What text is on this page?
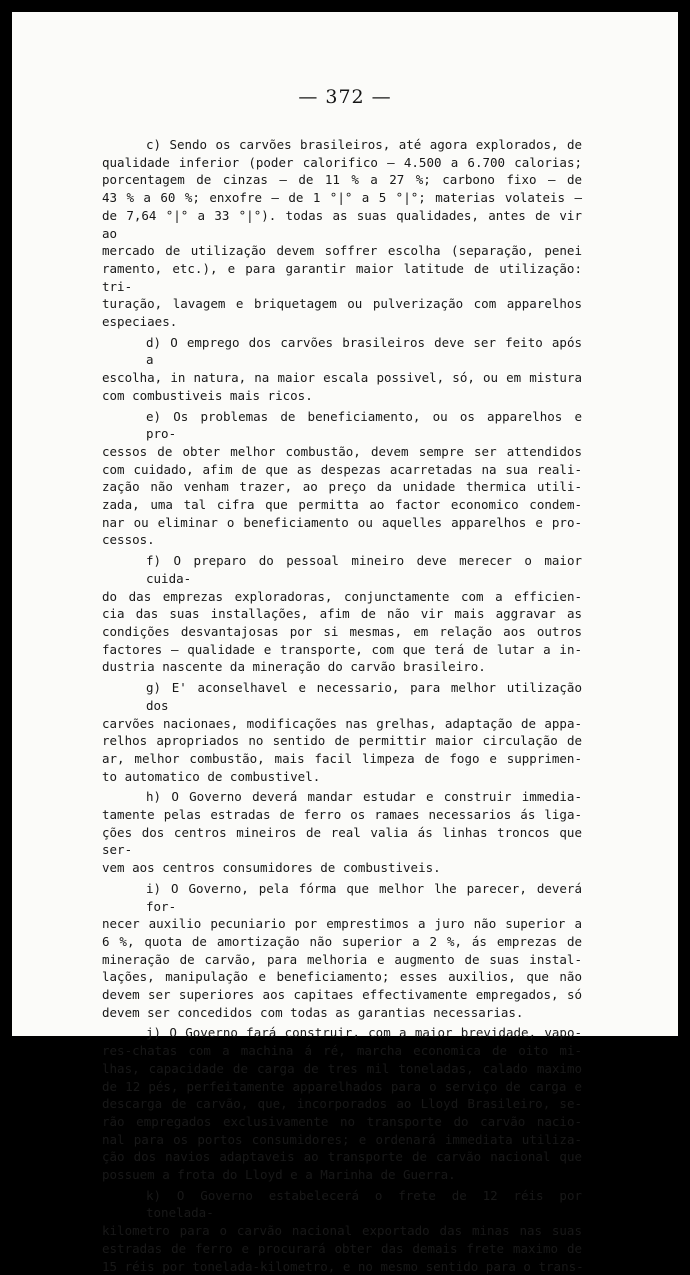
— 372 —
c) Sendo os carvões brasileiros, até agora explorados, de
qualidade inferior (poder calorifico — 4.500 a 6.700 calorias;
porcentagem de cinzas — de 11 % a 27 %; carbono fixo — de
43 % a 60 %; enxofre — de 1 °|° a 5 °|°; materias volateis —
de 7,64 °|° a 33 °|°). todas as suas qualidades, antes de vir ao
mercado de utilização devem soffrer escolha (separação, penei
ramento, etc.), e para garantir maior latitude de utilização: tri-
turação, lavagem e briquetagem ou pulverização com apparelhos
especiaes.
d) O emprego dos carvões brasileiros deve ser feito após a
escolha, in natura, na maior escala possivel, só, ou em mistura
com combustiveis mais ricos.
e) Os problemas de beneficiamento, ou os apparelhos e pro-
cessos de obter melhor combustão, devem sempre ser attendidos
com cuidado, afim de que as despezas acarretadas na sua reali-
zação não venham trazer, ao preço da unidade thermica utili-
zada, uma tal cifra que permitta ao factor economico condem-
nar ou eliminar o beneficiamento ou aquelles apparelhos e pro-
cessos.
f) O preparo do pessoal mineiro deve merecer o maior cuida-
do das emprezas exploradoras, conjunctamente com a efficien-
cia das suas installações, afim de não vir mais aggravar as
condições desvantajosas por si mesmas, em relação aos outros
factores — qualidade e transporte, com que terá de lutar a in-
dustria nascente da mineração do carvão brasileiro.
g) E' aconselhavel e necessario, para melhor utilização dos
carvões nacionaes, modificações nas grelhas, adaptação de appa-
relhos apropriados no sentido de permittir maior circulação de
ar, melhor combustão, mais facil limpeza de fogo e supprimen-
to automatico de combustivel.
h) O Governo deverá mandar estudar e construir immedia-
tamente pelas estradas de ferro os ramaes necessarios ás liga-
ções dos centros mineiros de real valia ás linhas troncos que ser-
vem aos centros consumidores de combustiveis.
i) O Governo, pela fórma que melhor lhe parecer, deverá for-
necer auxilio pecuniario por emprestimos a juro não superior a
6 %, quota de amortização não superior a 2 %, ás emprezas de
mineração de carvão, para melhoria e augmento de suas instal-
lações, manipulação e beneficiamento; esses auxilios, que não
devem ser superiores aos capitaes effectivamente empregados, só
devem ser concedidos com todas as garantias necessarias.
j) O Governo fará construir, com a maior brevidade, vapo-
res-chatas com a machina á ré, marcha economica de oito mi-
lhas, capacidade de carga de tres mil toneladas, calado maximo
de 12 pés, perfeitamente apparelhados para o serviço de carga e
descarga de carvão, que, incorporados ao Lloyd Brasileiro, se-
rão empregados exclusivamente no transporte do carvão nacio-
nal para os portos consumidores; e ordenará immediata utiliza-
ção dos navios adaptaveis ao transporte de carvão nacional que
possuem a frota do Lloyd e a Marinha de Guerra.
k) O Governo estabelecerá o frete de 12 réis por tonelada-
kilometro para o carvão nacional exportado das minas nas suas
estradas de ferro e procurará obter das demais frete maximo de
15 réis por tonelada-kilometro, e no mesmo sentido para o trans-
